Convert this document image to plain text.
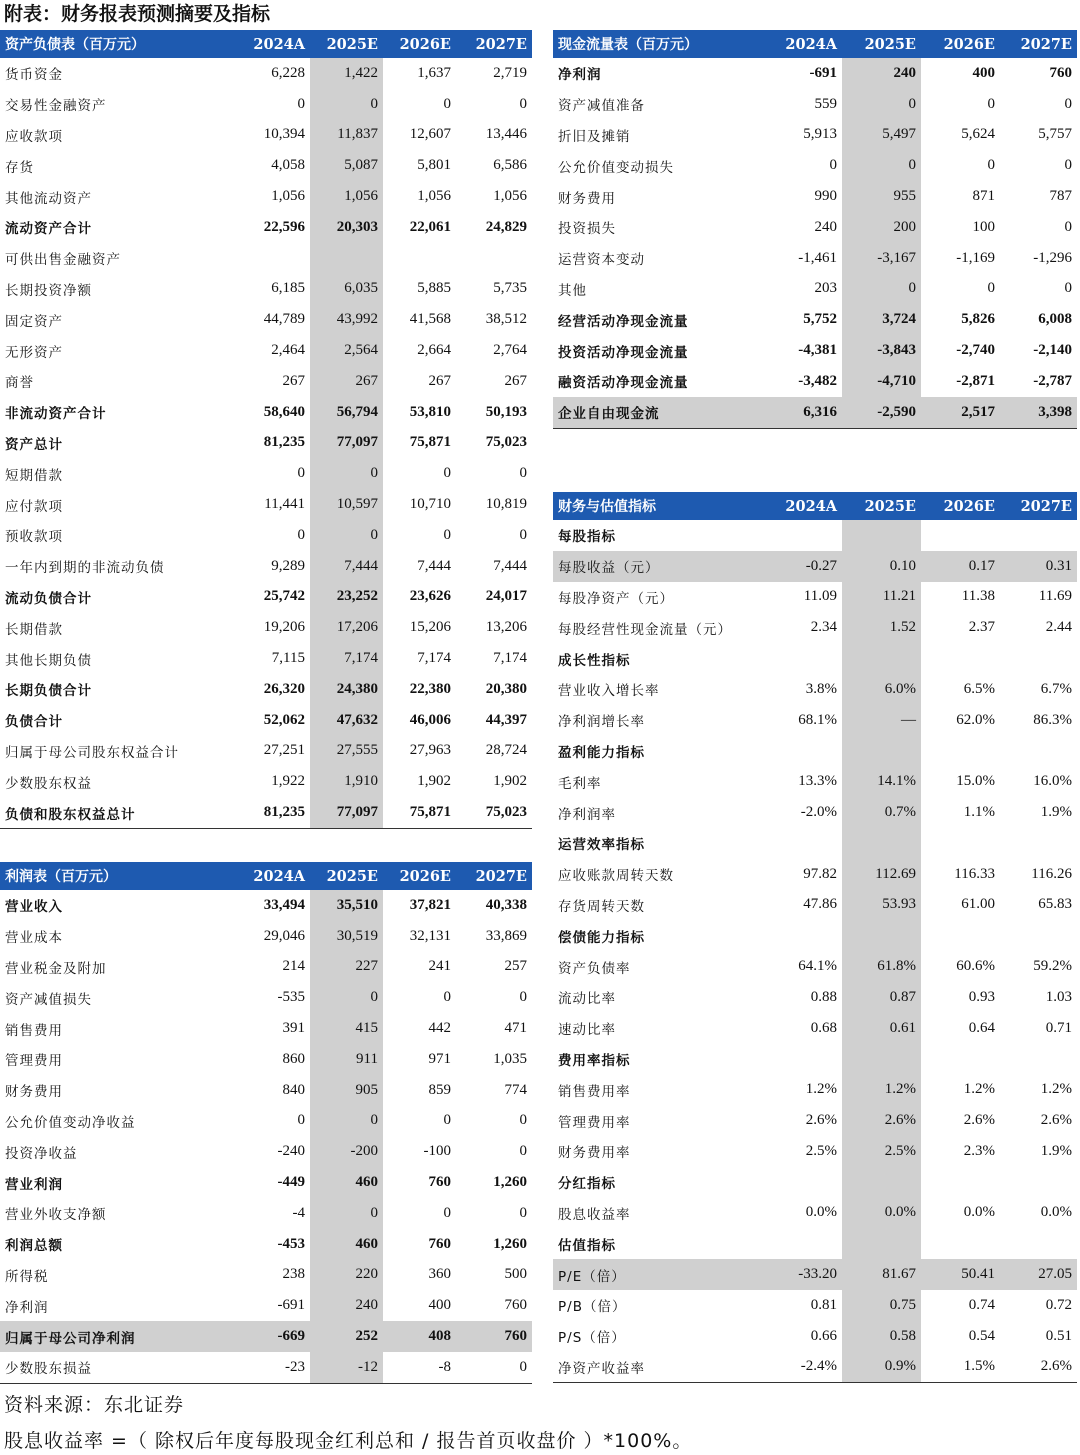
附表：财务报表预测摘要及指标
资产负债表（百万元）	2024A	2025E	2026E	2027E
货币资金	6,228	1,422	1,637	2,719
交易性金融资产	0	0	0	0
应收款项	10,394	11,837	12,607	13,446
存货	4,058	5,087	5,801	6,586
其他流动资产	1,056	1,056	1,056	1,056
流动资产合计	22,596	20,303	22,061	24,829
可供出售金融资产				
长期投资净额	6,185	6,035	5,885	5,735
固定资产	44,789	43,992	41,568	38,512
无形资产	2,464	2,564	2,664	2,764
商誉	267	267	267	267
非流动资产合计	58,640	56,794	53,810	50,193
资产总计	81,235	77,097	75,871	75,023
短期借款	0	0	0	0
应付款项	11,441	10,597	10,710	10,819
预收款项	0	0	0	0
一年内到期的非流动负债	9,289	7,444	7,444	7,444
流动负债合计	25,742	23,252	23,626	24,017
长期借款	19,206	17,206	15,206	13,206
其他长期负债	7,115	7,174	7,174	7,174
长期负债合计	26,320	24,380	22,380	20,380
负债合计	52,062	47,632	46,006	44,397
归属于母公司股东权益合计	27,251	27,555	27,963	28,724
少数股东权益	1,922	1,910	1,902	1,902
负债和股东权益总计	81,235	77,097	75,871	75,023
利润表（百万元）	2024A	2025E	2026E	2027E
营业收入	33,494	35,510	37,821	40,338
营业成本	29,046	30,519	32,131	33,869
营业税金及附加	214	227	241	257
资产减值损失	-535	0	0	0
销售费用	391	415	442	471
管理费用	860	911	971	1,035
财务费用	840	905	859	774
公允价值变动净收益	0	0	0	0
投资净收益	-240	-200	-100	0
营业利润	-449	460	760	1,260
营业外收支净额	-4	0	0	0
利润总额	-453	460	760	1,260
所得税	238	220	360	500
净利润	-691	240	400	760
归属于母公司净利润	-669	252	408	760
少数股东损益	-23	-12	-8	0
现金流量表（百万元）	2024A	2025E	2026E	2027E
净利润	-691	240	400	760
资产减值准备	559	0	0	0
折旧及摊销	5,913	5,497	5,624	5,757
公允价值变动损失	0	0	0	0
财务费用	990	955	871	787
投资损失	240	200	100	0
运营资本变动	-1,461	-3,167	-1,169	-1,296
其他	203	0	0	0
经营活动净现金流量	5,752	3,724	5,826	6,008
投资活动净现金流量	-4,381	-3,843	-2,740	-2,140
融资活动净现金流量	-3,482	-4,710	-2,871	-2,787
企业自由现金流	6,316	-2,590	2,517	3,398
财务与估值指标	2024A	2025E	2026E	2027E
每股指标				
每股收益（元）	-0.27	0.10	0.17	0.31
每股净资产（元）	11.09	11.21	11.38	11.69
每股经营性现金流量（元）	2.34	1.52	2.37	2.44
成长性指标				
营业收入增长率	3.8%	6.0%	6.5%	6.7%
净利润增长率	68.1%	—	62.0%	86.3%
盈利能力指标				
毛利率	13.3%	14.1%	15.0%	16.0%
净利润率	-2.0%	0.7%	1.1%	1.9%
运营效率指标				
应收账款周转天数	97.82	112.69	116.33	116.26
存货周转天数	47.86	53.93	61.00	65.83
偿债能力指标				
资产负债率	64.1%	61.8%	60.6%	59.2%
流动比率	0.88	0.87	0.93	1.03
速动比率	0.68	0.61	0.64	0.71
费用率指标				
销售费用率	1.2%	1.2%	1.2%	1.2%
管理费用率	2.6%	2.6%	2.6%	2.6%
财务费用率	2.5%	2.5%	2.3%	1.9%
分红指标				
股息收益率	0.0%	0.0%	0.0%	0.0%
估值指标				
P/E（倍）	-33.20	81.67	50.41	27.05
P/B（倍）	0.81	0.75	0.74	0.72
P/S（倍）	0.66	0.58	0.54	0.51
净资产收益率	-2.4%	0.9%	1.5%	2.6%
资料来源：东北证券
股息收益率 =（ 除权后年度每股现金红利总和 / 报告首页收盘价 ）*100%。
